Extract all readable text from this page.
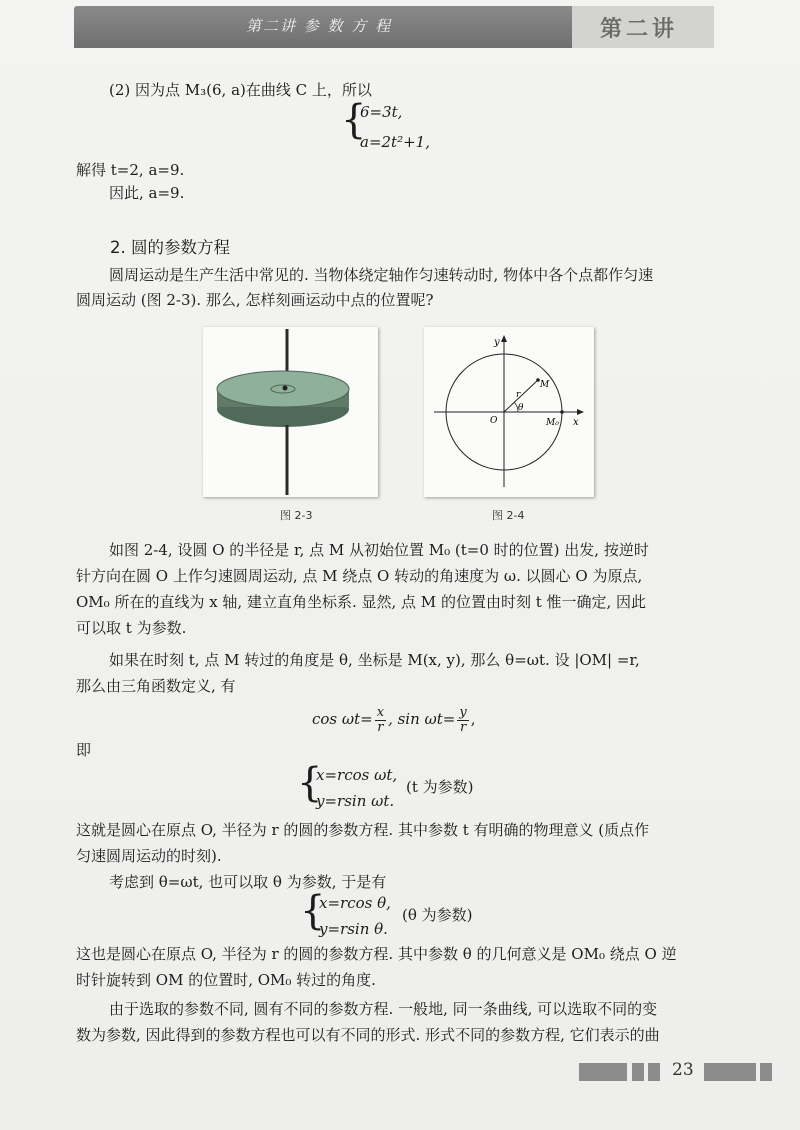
第二讲 参 数 方 程	第二讲
(2) 因为点 M₃(6, a)在曲线 C 上，所以
{
6=3t,
a=2t²+1,
解得 t=2, a=9.
因此, a=9.
2. 圆的参数方程
圆周运动是生产生活中常见的. 当物体绕定轴作匀速转动时, 物体中各个点都作匀速
圆周运动 (图 2-3). 那么, 怎样刻画运动中点的位置呢?
图 2-3
y
x
r
θ
M
O	M₀
图 2-4
如图 2-4, 设圆 O 的半径是 r, 点 M 从初始位置 M₀ (t=0 时的位置) 出发, 按逆时
针方向在圆 O 上作匀速圆周运动, 点 M 绕点 O 转动的角速度为 ω. 以圆心 O 为原点,
OM₀ 所在的直线为 x 轴, 建立直角坐标系. 显然, 点 M 的位置由时刻 t 惟一确定, 因此
可以取 t 为参数.
如果在时刻 t, 点 M 转过的角度是 θ, 坐标是 M(x, y), 那么 θ=ωt. 设 |OM| =r,
那么由三角函数定义, 有
$\cos \omega t= \frac{x}{r}$ , $\sin \omega t= \frac{y}{r}$ ,
即
{
x=rcos ωt,
y=rsin ωt.
(t 为参数)
这就是圆心在原点 O, 半径为 r 的圆的参数方程. 其中参数 t 有明确的物理意义 (质点作
匀速圆周运动的时刻).
考虑到 θ=ωt, 也可以取 θ 为参数, 于是有
{
x=rcos θ,
y=rsin θ.
(θ 为参数)
这也是圆心在原点 O, 半径为 r 的圆的参数方程. 其中参数 θ 的几何意义是 OM₀ 绕点 O 逆
时针旋转到 OM 的位置时, OM₀ 转过的角度.
由于选取的参数不同, 圆有不同的参数方程. 一般地, 同一条曲线, 可以选取不同的变
数为参数, 因此得到的参数方程也可以有不同的形式. 形式不同的参数方程, 它们表示的曲
23
